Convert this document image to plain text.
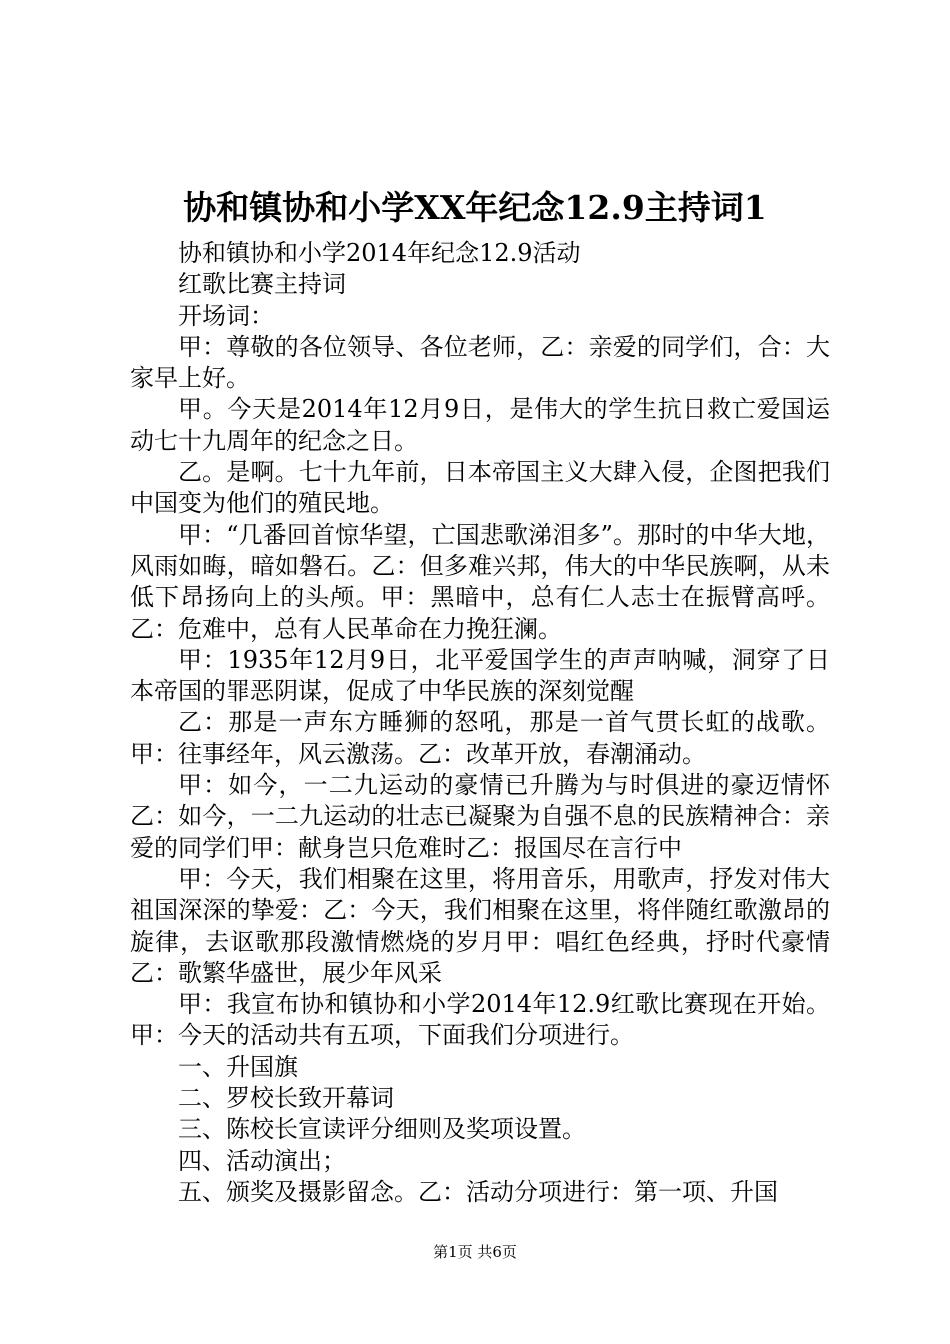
协和镇协和小学XX年纪念12.9主持词1

协和镇协和小学2014年纪念12.9活动

红歌比赛主持词

开场词：

甲：尊敬的各位领导、各位老师，乙：亲爱的同学们，合：大家早上好。

甲。今天是2014年12月9日，是伟大的学生抗日救亡爱国运动七十九周年的纪念之日。

乙。是啊。七十九年前，日本帝国主义大肆入侵，企图把我们中国变为他们的殖民地。

甲：“几番回首惊华望，亡国悲歌涕泪多”。那时的中华大地，风雨如晦，暗如磐石。乙：但多难兴邦，伟大的中华民族啊，从未低下昂扬向上的头颅。甲：黑暗中，总有仁人志士在振臂高呼。乙：危难中，总有人民革命在力挽狂澜。

甲：1935年12月9日，北平爱国学生的声声呐喊，洞穿了日本帝国的罪恶阴谋，促成了中华民族的深刻觉醒

乙：那是一声东方睡狮的怒吼，那是一首气贯长虹的战歌。甲：往事经年，风云激荡。乙：改革开放，春潮涌动。

甲：如今，一二九运动的豪情已升腾为与时俱进的豪迈情怀乙：如今，一二九运动的壮志已凝聚为自强不息的民族精神合：亲爱的同学们甲：献身岂只危难时乙：报国尽在言行中

甲：今天，我们相聚在这里，将用音乐，用歌声，抒发对伟大祖国深深的挚爱：乙：今天，我们相聚在这里，将伴随红歌激昂的旋律，去讴歌那段激情燃烧的岁月甲：唱红色经典，抒时代豪情乙：歌繁华盛世，展少年风采

甲：我宣布协和镇协和小学2014年12.9红歌比赛现在开始。甲：今天的活动共有五项，下面我们分项进行。

一、升国旗

二、罗校长致开幕词

三、陈校长宣读评分细则及奖项设置。

四、活动演出；

五、颁奖及摄影留念。乙：活动分项进行：第一项、升国

第1页 共6页
